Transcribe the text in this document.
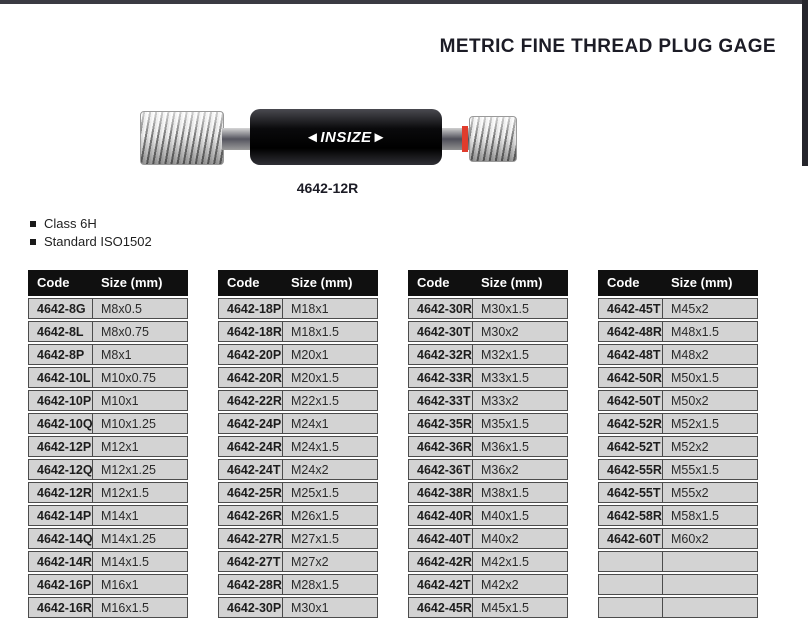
METRIC FINE THREAD PLUG GAGE
◄INSIZE►
4642-12R
Class 6H
Standard ISO1502
Code	Size (mm)
4642-8G	M8x0.5
4642-8L	M8x0.75
4642-8P	M8x1
4642-10L	M10x0.75
4642-10P	M10x1
4642-10Q	M10x1.25
4642-12P	M12x1
4642-12Q	M12x1.25
4642-12R	M12x1.5
4642-14P	M14x1
4642-14Q	M14x1.25
4642-14R	M14x1.5
4642-16P	M16x1
4642-16R	M16x1.5
Code	Size (mm)
4642-18P	M18x1
4642-18R	M18x1.5
4642-20P	M20x1
4642-20R	M20x1.5
4642-22R	M22x1.5
4642-24P	M24x1
4642-24R	M24x1.5
4642-24T	M24x2
4642-25R	M25x1.5
4642-26R	M26x1.5
4642-27R	M27x1.5
4642-27T	M27x2
4642-28R	M28x1.5
4642-30P	M30x1
Code	Size (mm)
4642-30R	M30x1.5
4642-30T	M30x2
4642-32R	M32x1.5
4642-33R	M33x1.5
4642-33T	M33x2
4642-35R	M35x1.5
4642-36R	M36x1.5
4642-36T	M36x2
4642-38R	M38x1.5
4642-40R	M40x1.5
4642-40T	M40x2
4642-42R	M42x1.5
4642-42T	M42x2
4642-45R	M45x1.5
Code	Size (mm)
4642-45T	M45x2
4642-48R	M48x1.5
4642-48T	M48x2
4642-50R	M50x1.5
4642-50T	M50x2
4642-52R	M52x1.5
4642-52T	M52x2
4642-55R	M55x1.5
4642-55T	M55x2
4642-58R	M58x1.5
4642-60T	M60x2
